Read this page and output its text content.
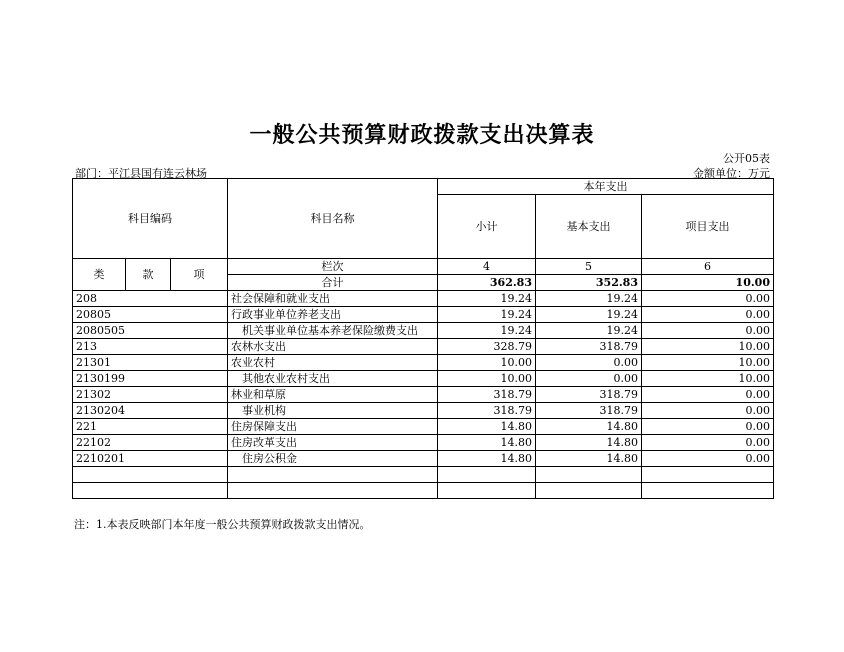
一般公共预算财政拨款支出决算表
公开05表
部门：平江县国有连云林场	金额单位：万元
科目编码			科目名称	本年支出		
				小计	基本支出	项目支出
类	款	项	栏次	4	5	6
			合计	362.83	352.83	10.00
208			社会保障和就业支出	19.24	19.24	0.00
20805			行政事业单位养老支出	19.24	19.24	0.00
2080505			机关事业单位基本养老保险缴费支出	19.24	19.24	0.00
213			农林水支出	328.79	318.79	10.00
21301			农业农村	10.00	0.00	10.00
2130199			其他农业农村支出	10.00	0.00	10.00
21302			林业和草原	318.79	318.79	0.00
2130204			事业机构	318.79	318.79	0.00
221			住房保障支出	14.80	14.80	0.00
22102			住房改革支出	14.80	14.80	0.00
2210201			住房公积金	14.80	14.80	0.00

注：1.本表反映部门本年度一般公共预算财政拨款支出情况。
